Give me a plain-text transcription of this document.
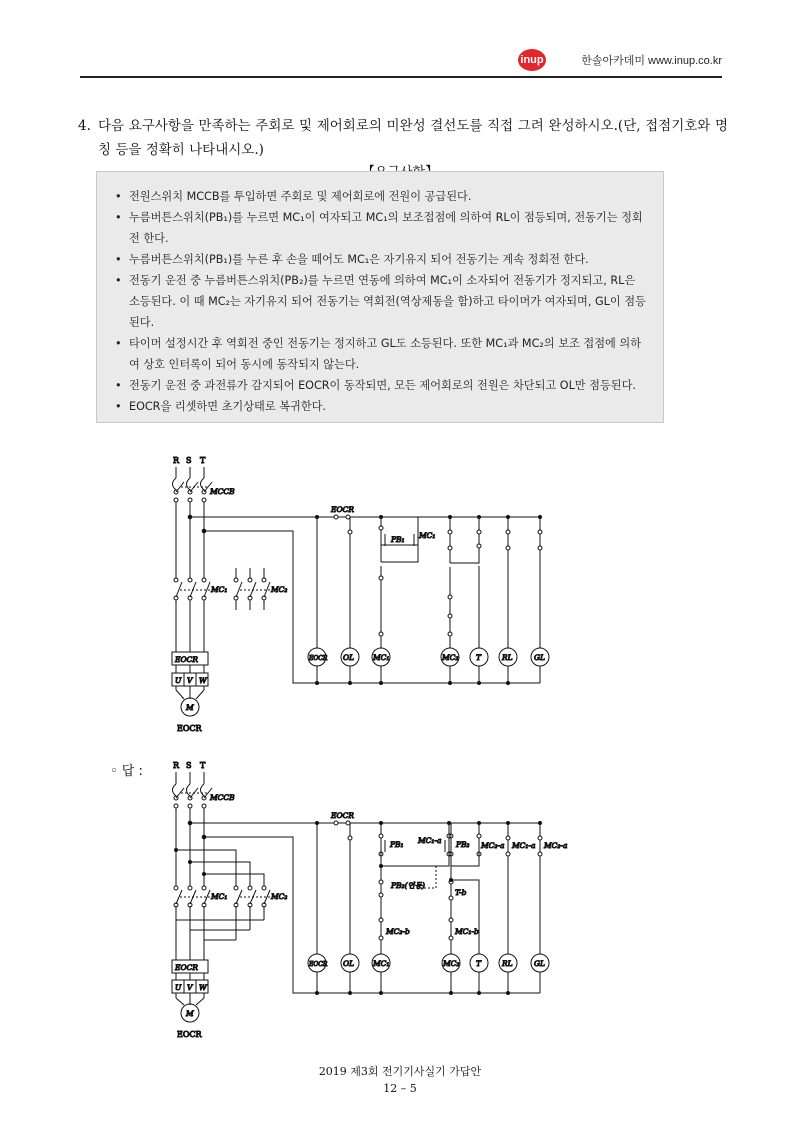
inup	한솔아카데미 www.inup.co.kr
4. 다음 요구사항을 만족하는 주회로 및 제어회로의 미완성 결선도를 직접 그려 완성하시오.(단, 접점기호와 명칭 등을 정확히 나타내시오.)
• 전원스위치 MCCB를 투입하면 주회로 및 제어회로에 전원이 공급된다.
• 누름버튼스위치(PB₁)를 누르면 MC₁이 여자되고 MC₁의 보조접점에 의하여 RL이 점등되며, 전동기는 정회전 한다.
• 누름버튼스위치(PB₁)를 누른 후 손을 떼어도 MC₁은 자기유지 되어 전동기는 계속 정회전 한다.
• 전동기 운전 중 누름버튼스위치(PB₂)를 누르면 연동에 의하여 MC₁이 소자되어 전동기가 정지되고, RL은 소등된다. 이 때 MC₂는 자기유지 되어 전동기는 역회전(역상제동을 함)하고 타이머가 여자되며, GL이 점등된다.
• 타이머 설정시간 후 역회전 중인 전동기는 정지하고 GL도 소등된다. 또한 MC₁과 MC₂의 보조 접점에 의하여 상호 인터록이 되어 동시에 동작되지 않는다.
• 전동기 운전 중 과전류가 감지되어 EOCR이 동작되면, 모든 제어회로의 전원은 차단되고 OL만 점등된다.
• EOCR을 리셋하면 초기상태로 복귀한다.
◦ 답 :
R S T
MCCB
EOCR
MC₁	MC₂
EOCR
U V W
M
EOCR
PB₁ MC₁
EOCR OL	MC₁	MC₂ T	RL	GL
R S T
MCCB
EOCR
MC₁	MC₂
EOCR
U V W
M
EOCR
PB₁ MC₁-a
PB₂(연동)
MC₂-b
PB₂ MC₂-a
T-b
MC₁-b
MC₁-a MC₂-a
EOCR OL	MC₁	MC₂ T	RL	GL
2019 제3회 전기기사실기 가답안
12 – 5
